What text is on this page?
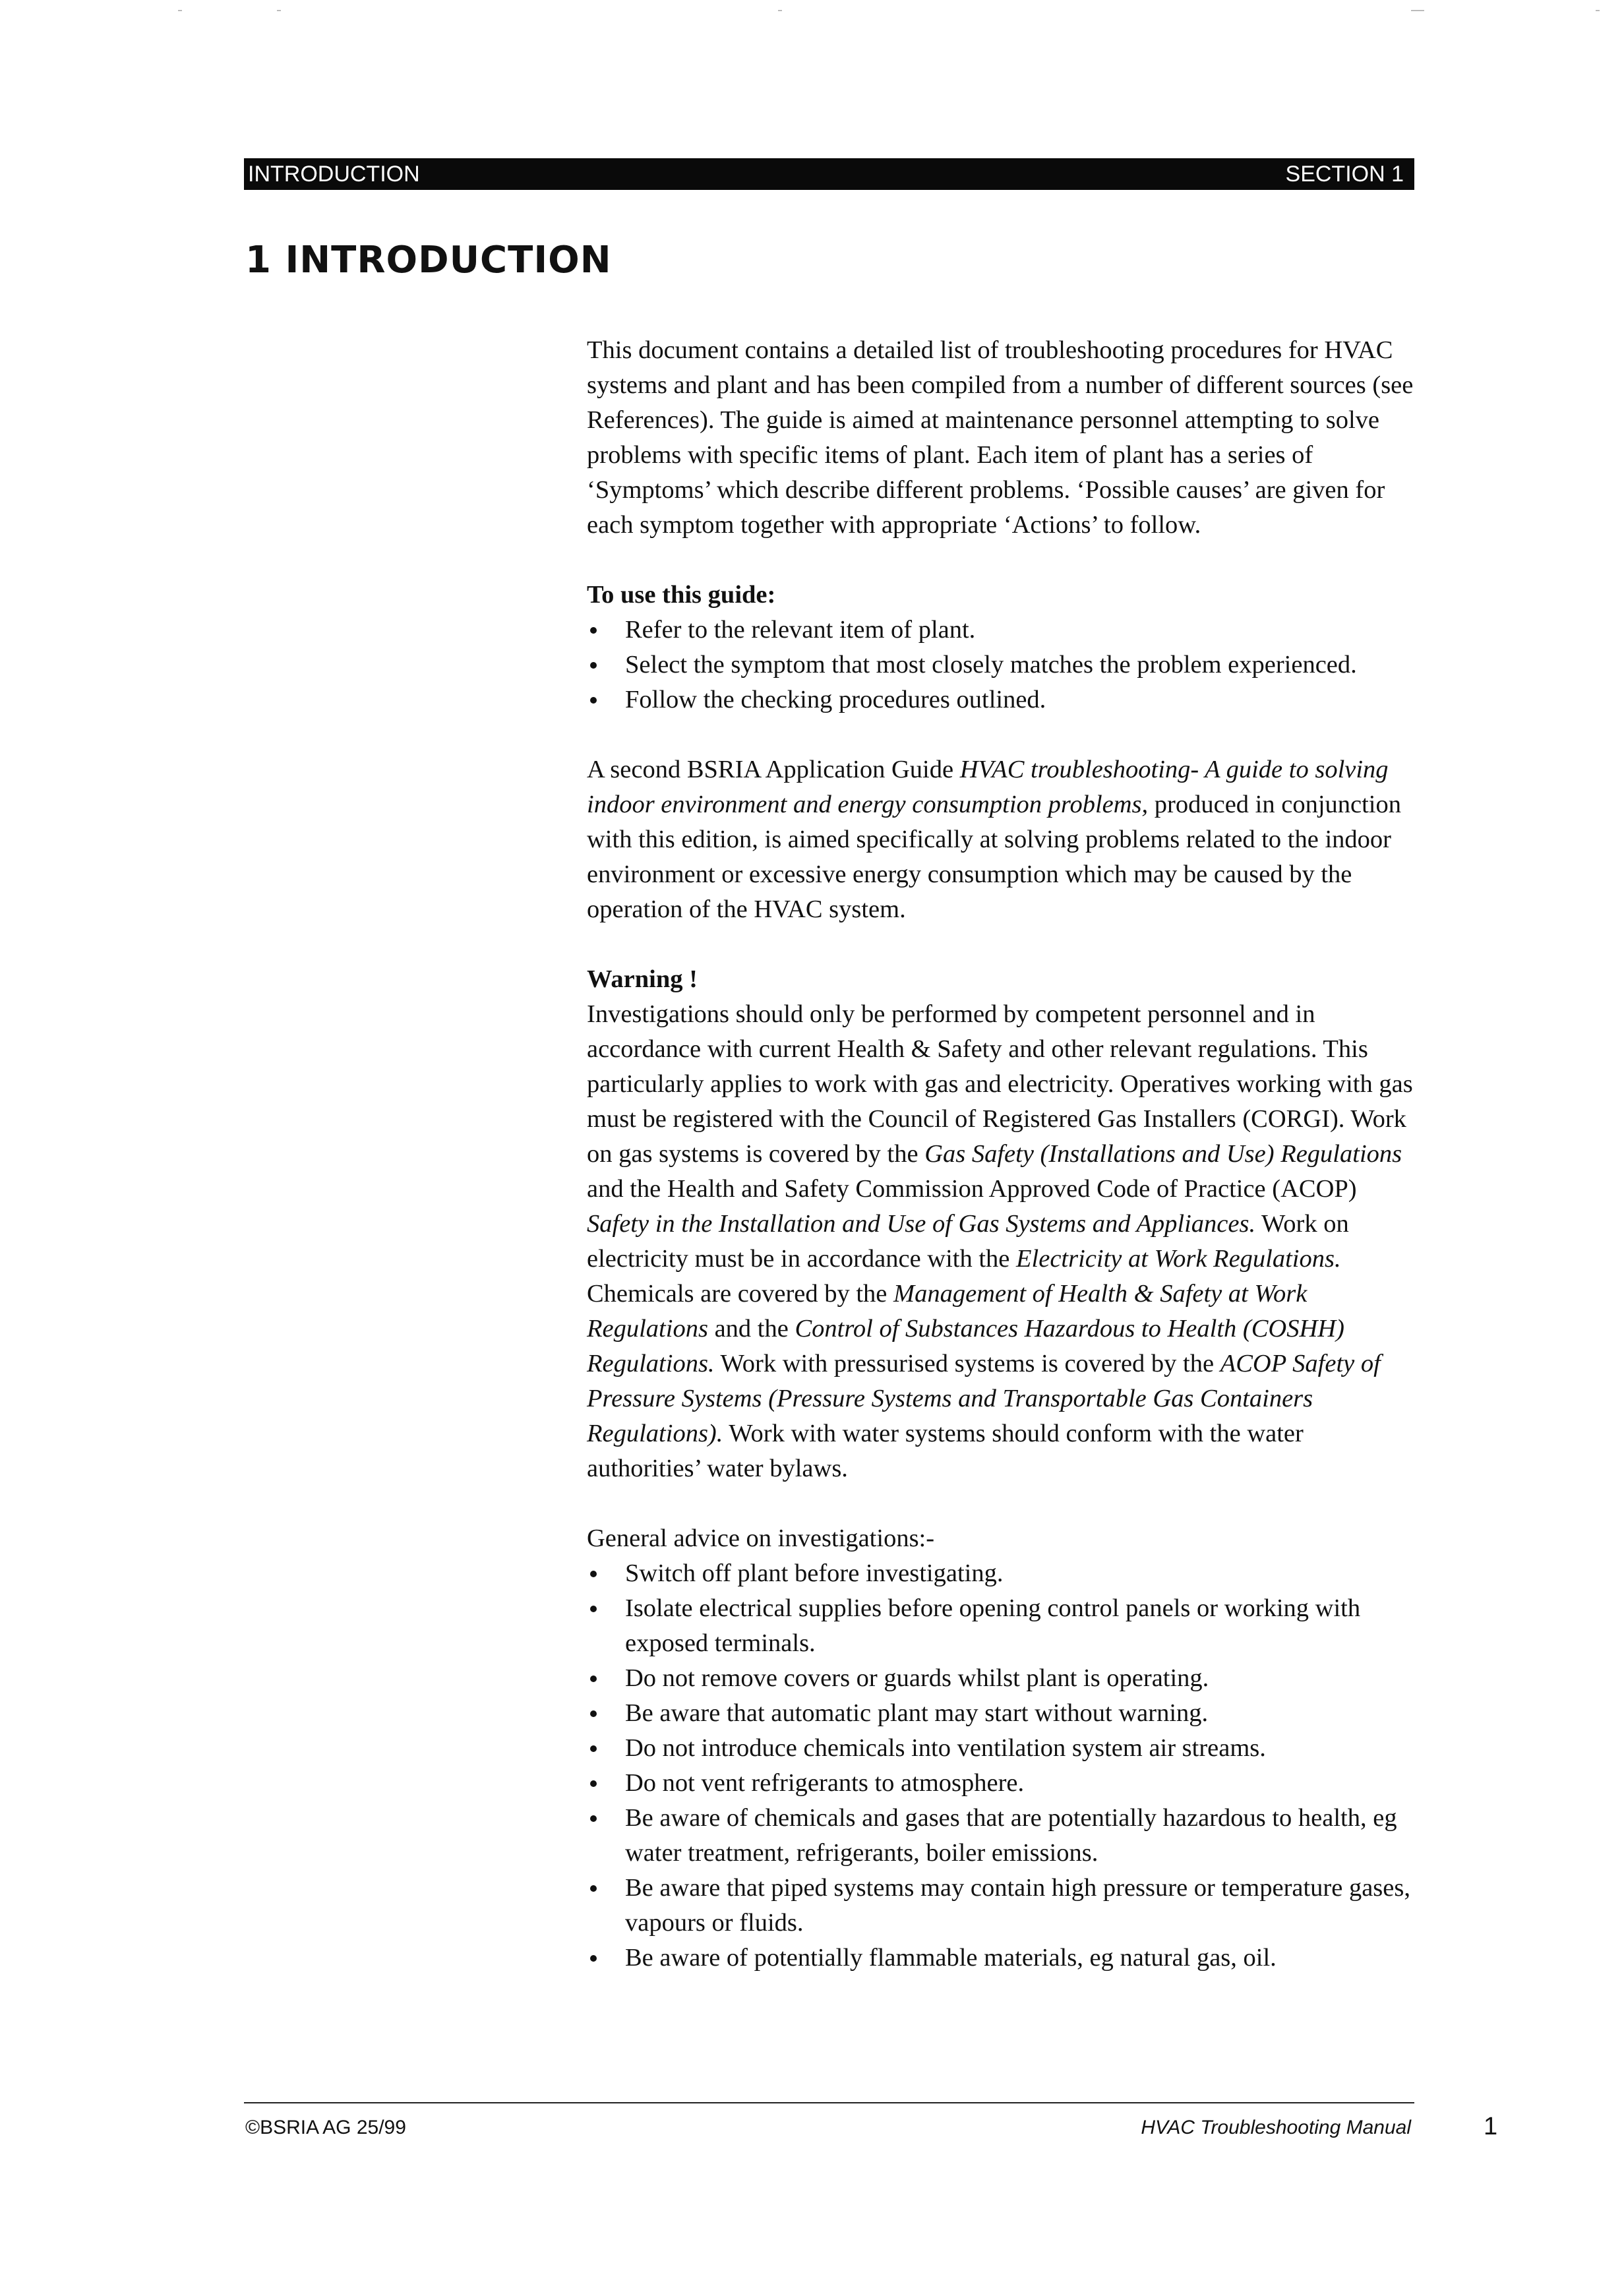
INTRODUCTION	SECTION 1
1 INTRODUCTION

This document contains a detailed list of troubleshooting procedures for HVAC systems and plant and has been compiled from a number of different sources (see References). The guide is aimed at maintenance personnel attempting to solve problems with specific items of plant. Each item of plant has a series of ‘Symptoms’ which describe different problems. ‘Possible causes’ are given for each symptom together with appropriate ‘Actions’ to follow.

To use this guide:

Refer to the relevant item of plant.
Select the symptom that most closely matches the problem experienced.
Follow the checking procedures outlined.

A second BSRIA Application Guide HVAC troubleshooting- A guide to solving indoor environment and energy consumption problems, produced in conjunction with this edition, is aimed specifically at solving problems related to the indoor environment or excessive energy consumption which may be caused by the operation of the HVAC system.

Warning !

Investigations should only be performed by competent personnel and in accordance with current Health & Safety and other relevant regulations. This particularly applies to work with gas and electricity. Operatives working with gas must be registered with the Council of Registered Gas Installers (CORGI). Work on gas systems is covered by the Gas Safety (Installations and Use) Regulations and the Health and Safety Commission Approved Code of Practice (ACOP) Safety in the Installation and Use of Gas Systems and Appliances. Work on electricity must be in accordance with the Electricity at Work Regulations. Chemicals are covered by the Management of Health & Safety at Work Regulations and the Control of Substances Hazardous to Health (COSHH) Regulations. Work with pressurised systems is covered by the ACOP Safety of Pressure Systems (Pressure Systems and Transportable Gas Containers Regulations). Work with water systems should conform with the water authorities’ water bylaws.

General advice on investigations:-

Switch off plant before investigating.
Isolate electrical supplies before opening control panels or working with exposed terminals.
Do not remove covers or guards whilst plant is operating.
Be aware that automatic plant may start without warning.
Do not introduce chemicals into ventilation system air streams.
Do not vent refrigerants to atmosphere.
Be aware of chemicals and gases that are potentially hazardous to health, eg water treatment, refrigerants, boiler emissions.
Be aware that piped systems may contain high pressure or temperature gases, vapours or fluids.
Be aware of potentially flammable materials, eg natural gas, oil.
©BSRIA AG 25/99	HVAC Troubleshooting Manual	1
